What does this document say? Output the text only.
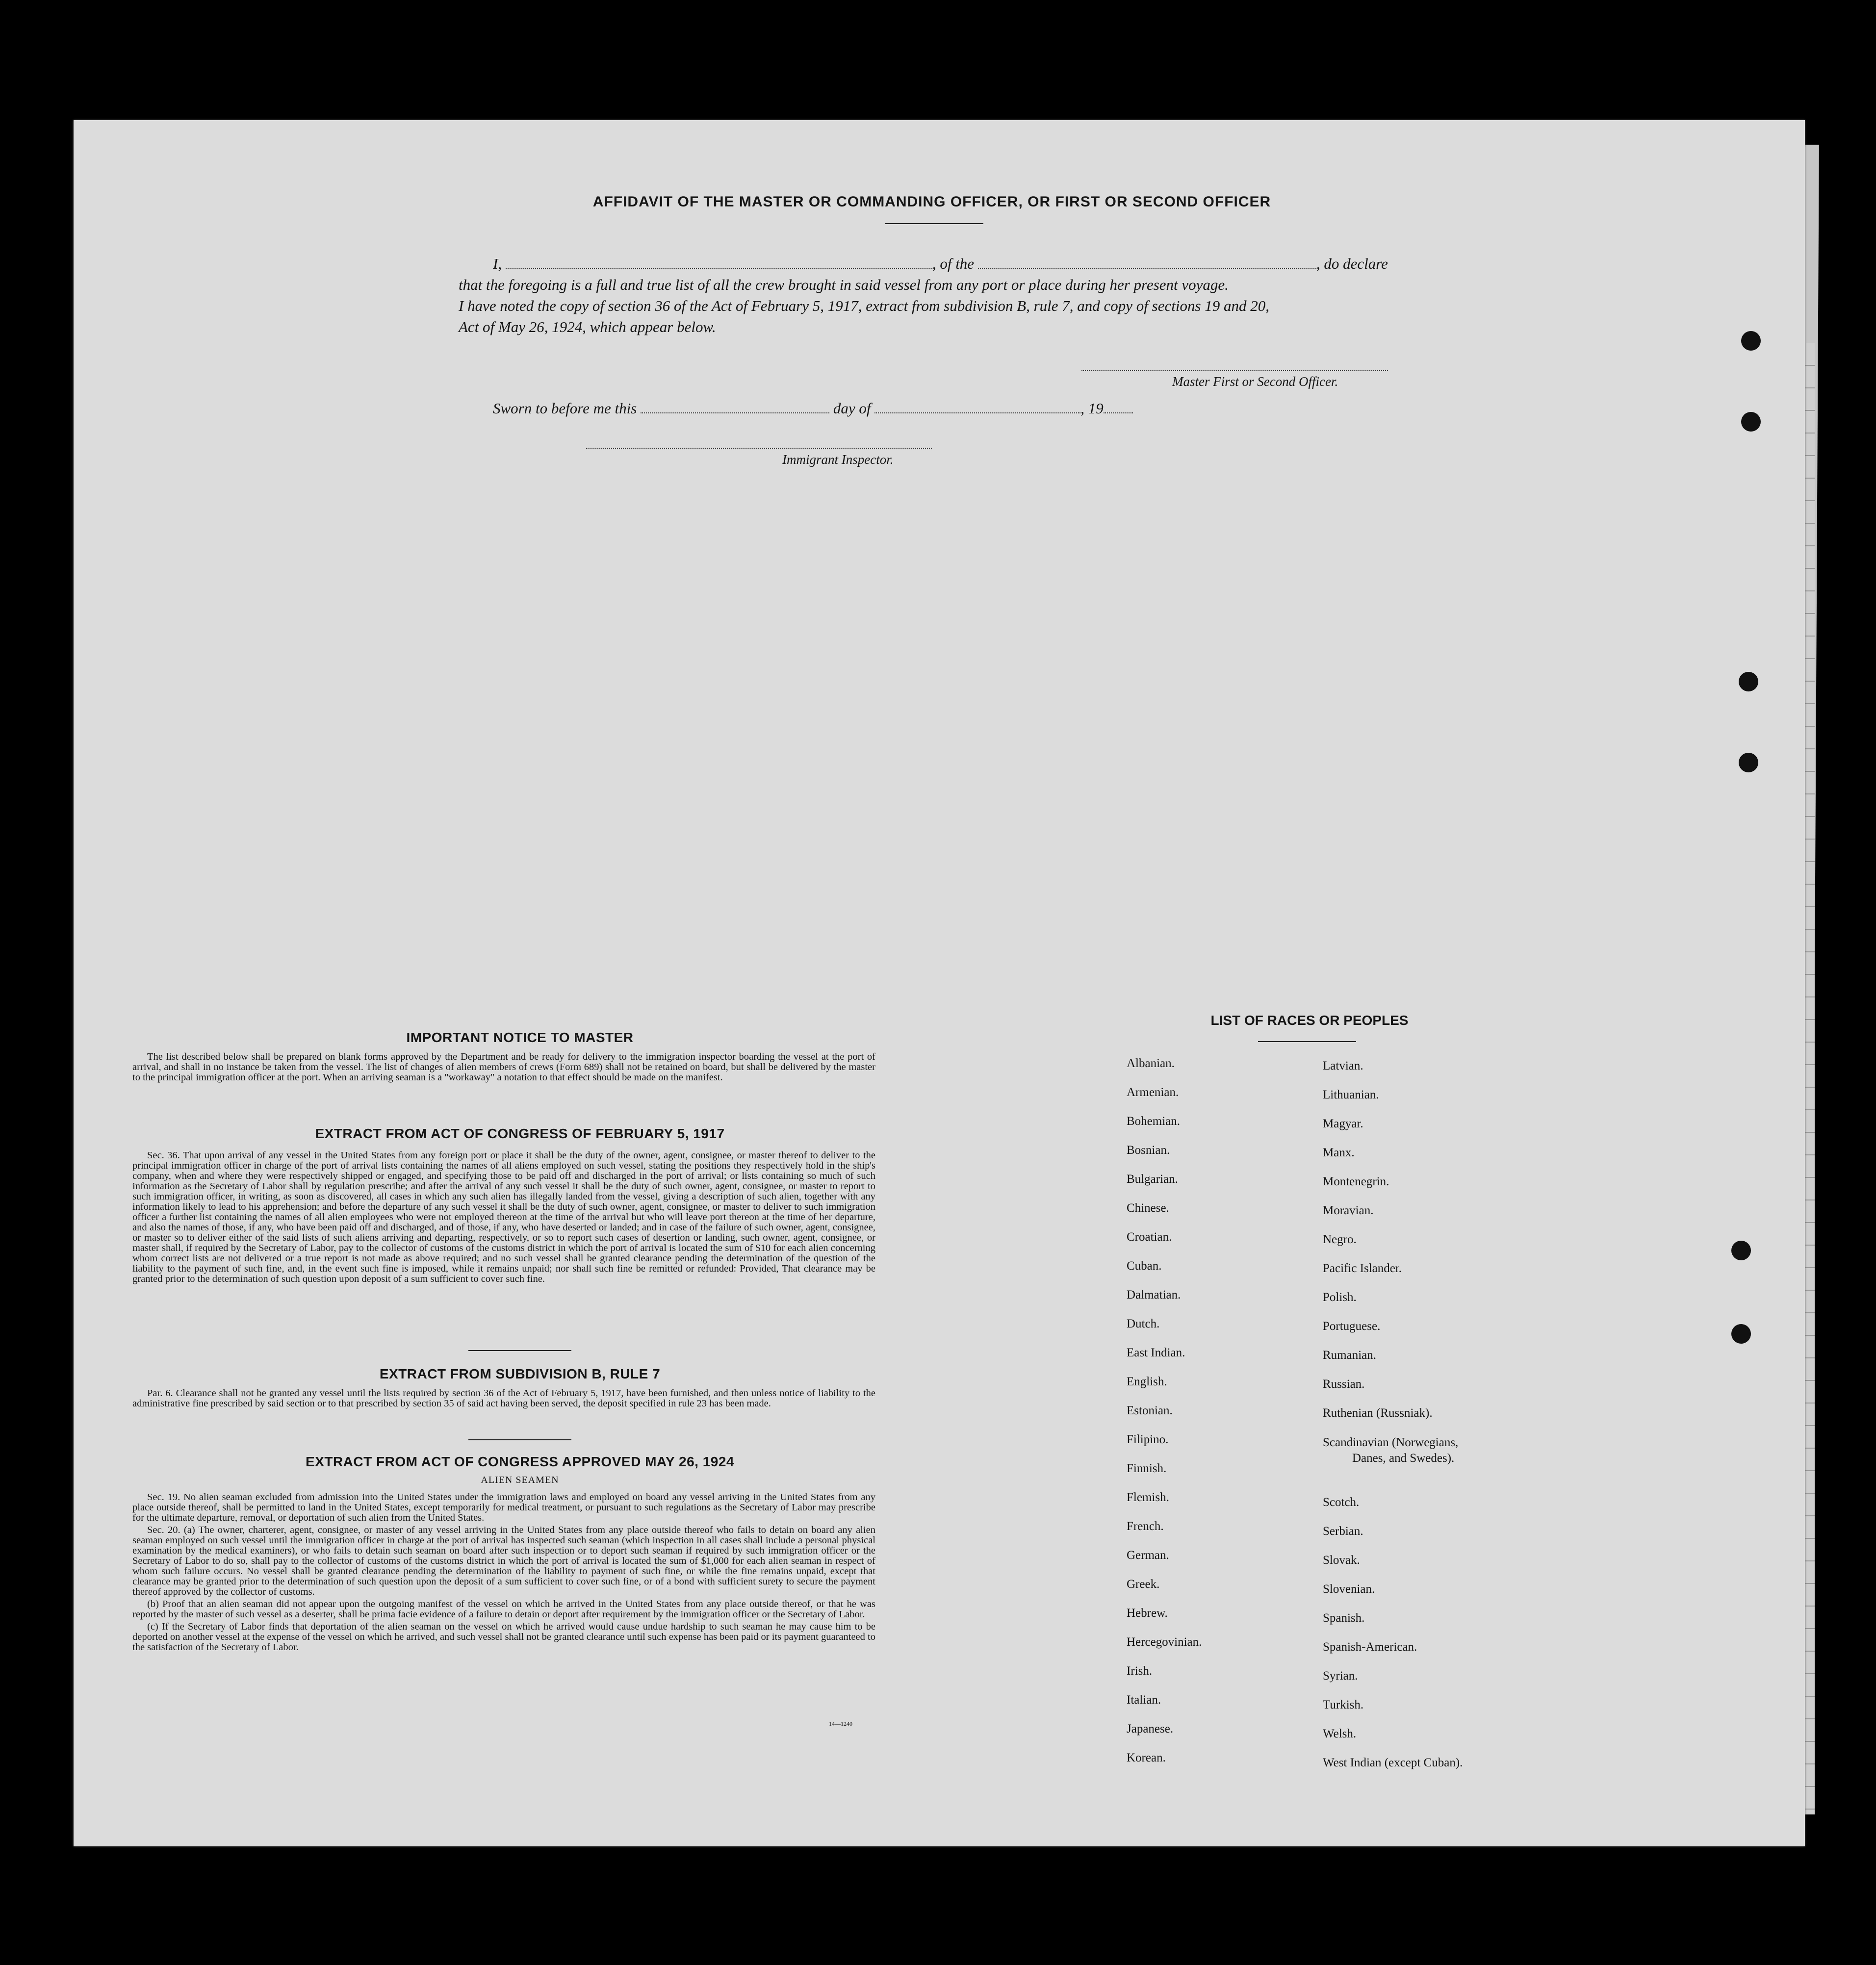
AFFIDAVIT OF THE MASTER OR COMMANDING OFFICER, OR FIRST OR SECOND OFFICER
I,	, of the	, do declare
that the foregoing is a full and true list of all the crew brought in said vessel from any port or place during her present voyage.
I have noted the copy of section 36 of the Act of February 5, 1917, extract from subdivision B, rule 7, and copy of sections 19 and 20,
Act of May 26, 1924, which appear below.
Master First or Second Officer.
Sworn to before me this	day of	, 19
Immigrant Inspector.
IMPORTANT NOTICE TO MASTER

The list described below shall be prepared on blank forms approved by the Department and be ready for delivery to the immigration inspector boarding the vessel at the port of arrival, and shall in no instance be taken from the vessel. The list of changes of alien members of crews (Form 689) shall not be retained on board, but shall be delivered by the master to the principal immigration officer at the port. When an arriving seaman is a "workaway" a notation to that effect should be made on the manifest.

EXTRACT FROM ACT OF CONGRESS OF FEBRUARY 5, 1917

Sec. 36. That upon arrival of any vessel in the United States from any foreign port or place it shall be the duty of the owner, agent, consignee, or master thereof to deliver to the principal immigration officer in charge of the port of arrival lists containing the names of all aliens employed on such vessel, stating the positions they respectively hold in the ship's company, when and where they were respectively shipped or engaged, and specifying those to be paid off and discharged in the port of arrival; or lists containing so much of such information as the Secretary of Labor shall by regulation prescribe; and after the arrival of any such vessel it shall be the duty of such owner, agent, consignee, or master to report to such immigration officer, in writing, as soon as discovered, all cases in which any such alien has illegally landed from the vessel, giving a description of such alien, together with any information likely to lead to his apprehension; and before the departure of any such vessel it shall be the duty of such owner, agent, consignee, or master to deliver to such immigration officer a further list containing the names of all alien employees who were not employed thereon at the time of the arrival but who will leave port thereon at the time of her departure, and also the names of those, if any, who have been paid off and discharged, and of those, if any, who have deserted or landed; and in case of the failure of such owner, agent, consignee, or master so to deliver either of the said lists of such aliens arriving and departing, respectively, or so to report such cases of desertion or landing, such owner, agent, consignee, or master shall, if required by the Secretary of Labor, pay to the collector of customs of the customs district in which the port of arrival is located the sum of $10 for each alien concerning whom correct lists are not delivered or a true report is not made as above required; and no such vessel shall be granted clearance pending the determination of the question of the liability to the payment of such fine, and, in the event such fine is imposed, while it remains unpaid; nor shall such fine be remitted or refunded: Provided, That clearance may be granted prior to the determination of such question upon deposit of a sum sufficient to cover such fine.

EXTRACT FROM SUBDIVISION B, RULE 7

Par. 6. Clearance shall not be granted any vessel until the lists required by section 36 of the Act of February 5, 1917, have been furnished, and then unless notice of liability to the administrative fine prescribed by said section or to that prescribed by section 35 of said act having been served, the deposit specified in rule 23 has been made.

EXTRACT FROM ACT OF CONGRESS APPROVED MAY 26, 1924
ALIEN SEAMEN

Sec. 19. No alien seaman excluded from admission into the United States under the immigration laws and employed on board any vessel arriving in the United States from any place outside thereof, shall be permitted to land in the United States, except temporarily for medical treatment, or pursuant to such regulations as the Secretary of Labor may prescribe for the ultimate departure, removal, or deportation of such alien from the United States.

Sec. 20. (a) The owner, charterer, agent, consignee, or master of any vessel arriving in the United States from any place outside thereof who fails to detain on board any alien seaman employed on such vessel until the immigration officer in charge at the port of arrival has inspected such seaman (which inspection in all cases shall include a personal physical examination by the medical examiners), or who fails to detain such seaman on board after such inspection or to deport such seaman if required by such immigration officer or the Secretary of Labor to do so, shall pay to the collector of customs of the customs district in which the port of arrival is located the sum of $1,000 for each alien seaman in respect of whom such failure occurs. No vessel shall be granted clearance pending the determination of the liability to payment of such fine, or while the fine remains unpaid, except that clearance may be granted prior to the determination of such question upon the deposit of a sum sufficient to cover such fine, or of a bond with sufficient surety to secure the payment thereof approved by the collector of customs.

(b) Proof that an alien seaman did not appear upon the outgoing manifest of the vessel on which he arrived in the United States from any place outside thereof, or that he was reported by the master of such vessel as a deserter, shall be prima facie evidence of a failure to detain or deport after requirement by the immigration officer or the Secretary of Labor.

(c) If the Secretary of Labor finds that deportation of the alien seaman on the vessel on which he arrived would cause undue hardship to such seaman he may cause him to be deported on another vessel at the expense of the vessel on which he arrived, and such vessel shall not be granted clearance until such expense has been paid or its payment guaranteed to the satisfaction of the Secretary of Labor.

14—1240
LIST OF RACES OR PEOPLES
Albanian.
Armenian.
Bohemian.
Bosnian.
Bulgarian.
Chinese.
Croatian.
Cuban.
Dalmatian.
Dutch.
East Indian.
English.
Estonian.
Filipino.
Finnish.
Flemish.
French.
German.
Greek.
Hebrew.
Hercegovinian.
Irish.
Italian.
Japanese.
Korean.
Latvian.
Lithuanian.
Magyar.
Manx.
Montenegrin.
Moravian.
Negro.
Pacific Islander.
Polish.
Portuguese.
Rumanian.
Russian.
Ruthenian (Russniak).
Scandinavian (Norwegians,
Danes, and Swedes).
Scotch.
Serbian.
Slovak.
Slovenian.
Spanish.
Spanish-American.
Syrian.
Turkish.
Welsh.
West Indian (except Cuban).
